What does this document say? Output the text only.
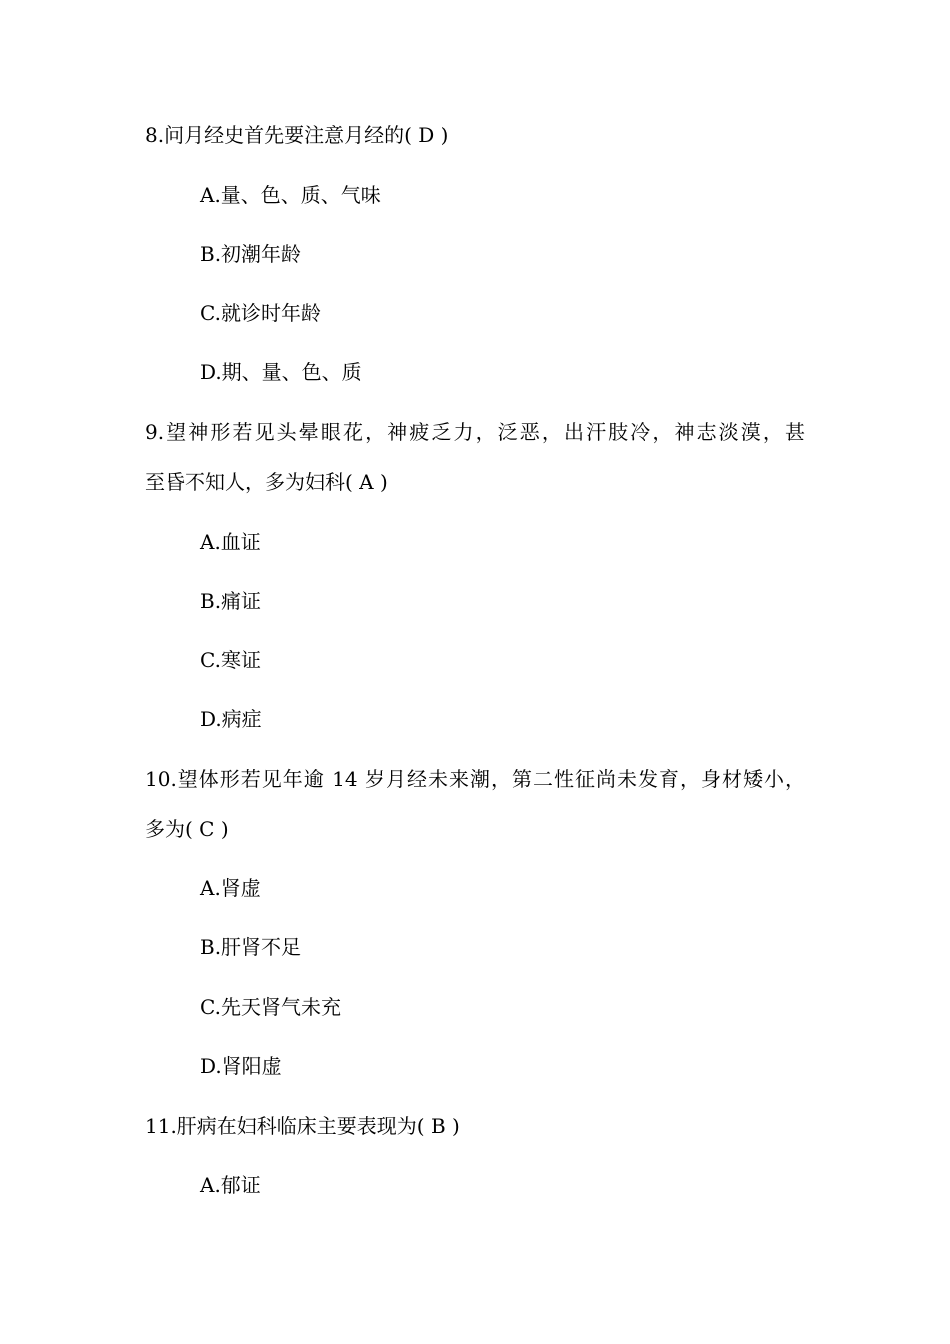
8.问月经史首先要注意月经的( D )
A.量、色、质、气味
B.初潮年龄
C.就诊时年龄
D.期、量、色、质
9.望神形若见头晕眼花，神疲乏力，泛恶，出汗肢冷，神志淡漠，甚
至昏不知人，多为妇科( A )
A.血证
B.痛证
C.寒证
D.病症
10.望体形若见年逾 14 岁月经未来潮，第二性征尚未发育，身材矮小，
多为( C )
A.肾虚
B.肝肾不足
C.先天肾气未充
D.肾阳虚
11.肝病在妇科临床主要表现为( B )
A.郁证
